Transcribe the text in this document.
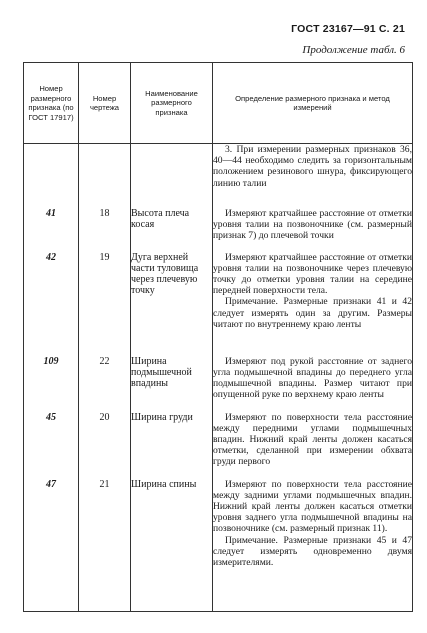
ГОСТ 23167—91 С. 21
Продолжение табл. 6
Номер размерного признака (по ГОСТ 17917)	Номер чертежа	Наименование размерного признака	Определение размерного признака и метод измерений

			3. При измерении размерных признаков 36, 40—44 необходимо следить за горизонтальным положением резинового шнура, фиксирующего линию талии

41	18	Высота плеча косая	Измеряют кратчайшее расстояние от отметки уровня талии на позвоночнике (см. размерный признак 7) до плечевой точки

42	19	Дуга верхней части туловища через плечевую точку	Измеряют кратчайшее расстояние от отметки уровня талии на позвоночнике через плечевую точку до отметки уровня талии на середине передней поверхности тела.

Примечание. Размерные признаки 41 и 42 следует измерять один за другим. Размеры читают по внутреннему краю ленты

109	22	Ширина подмышечной впадины	Измеряют под рукой расстояние от заднего угла подмышечной впадины до переднего угла подмышечной впадины. Размер читают при опущенной руке по верхнему краю ленты

45	20	Ширина груди	Измеряют по поверхности тела расстояние между передними углами подмышечных впадин. Нижний край ленты должен касаться отметки, сделанной при измерении обхвата груди первого

47	21	Ширина спины	Измеряют по поверхности тела расстояние между задними углами подмышечных впадин. Нижний край ленты должен касаться отметки уровня заднего угла подмышечной впадины на позвоночнике (см. размерный признак 11).

Примечание. Размерные признаки 45 и 47 следует измерять одновременно двумя измерителями.
